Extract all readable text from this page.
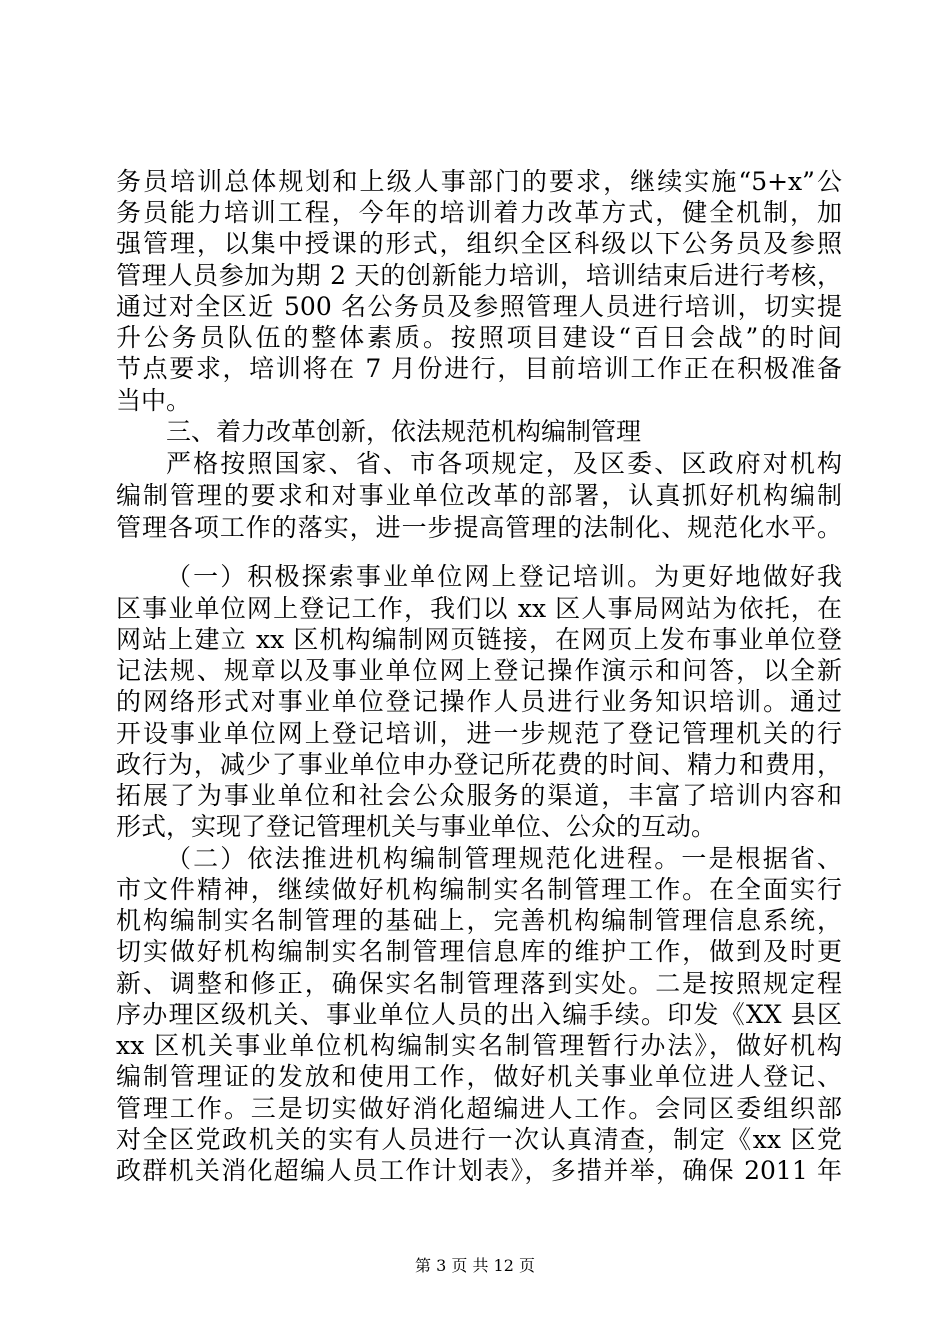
务员培训总体规划和上级人事部门的要求，继续实施“5+x”公
务员能力培训工程，今年的培训着力改革方式，健全机制，加
强管理，以集中授课的形式，组织全区科级以下公务员及参照
管理人员参加为期 2 天的创新能力培训，培训结束后进行考核，
通过对全区近 500 名公务员及参照管理人员进行培训，切实提
升公务员队伍的整体素质。按照项目建设“百日会战”的时间
节点要求，培训将在 7 月份进行，目前培训工作正在积极准备
当中。
三、着力改革创新，依法规范机构编制管理
严格按照国家、省、市各项规定，及区委、区政府对机构
编制管理的要求和对事业单位改革的部署，认真抓好机构编制
管理各项工作的落实，进一步提高管理的法制化、规范化水平。
（一）积极探索事业单位网上登记培训。为更好地做好我
区事业单位网上登记工作，我们以 xx 区人事局网站为依托，在
网站上建立 xx 区机构编制网页链接，在网页上发布事业单位登
记法规、规章以及事业单位网上登记操作演示和问答，以全新
的网络形式对事业单位登记操作人员进行业务知识培训。通过
开设事业单位网上登记培训，进一步规范了登记管理机关的行
政行为，减少了事业单位申办登记所花费的时间、精力和费用，
拓展了为事业单位和社会公众服务的渠道，丰富了培训内容和
形式，实现了登记管理机关与事业单位、公众的互动。
（二）依法推进机构编制管理规范化进程。一是根据省、
市文件精神，继续做好机构编制实名制管理工作。在全面实行
机构编制实名制管理的基础上，完善机构编制管理信息系统，
切实做好机构编制实名制管理信息库的维护工作，做到及时更
新、调整和修正，确保实名制管理落到实处。二是按照规定程
序办理区级机关、事业单位人员的出入编手续。印发《XX 县区
xx 区机关事业单位机构编制实名制管理暂行办法》，做好机构
编制管理证的发放和使用工作，做好机关事业单位进人登记、
管理工作。三是切实做好消化超编进人工作。会同区委组织部
对全区党政机关的实有人员进行一次认真清查，制定《xx 区党
政群机关消化超编人员工作计划表》，多措并举，确保 2011 年
第 3 页 共 12 页
